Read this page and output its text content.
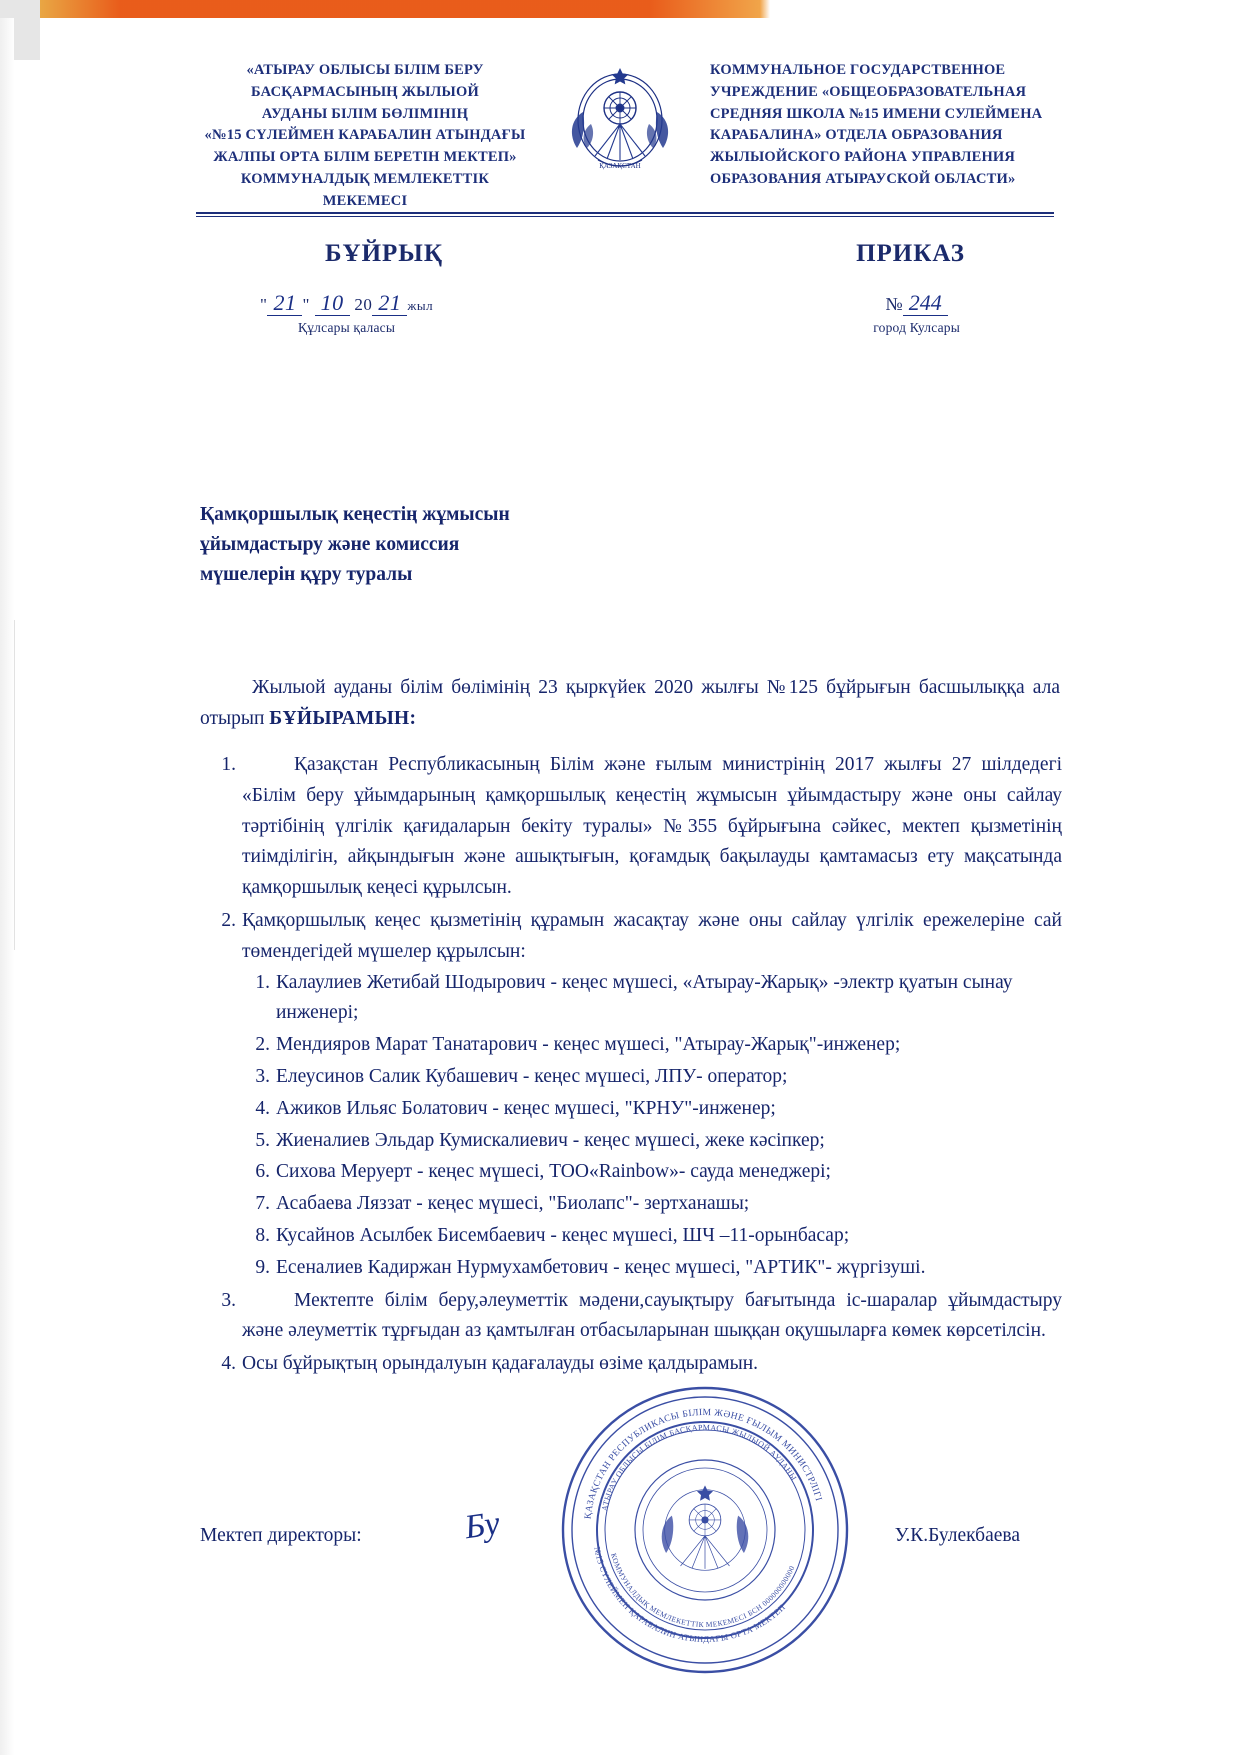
«АТЫРАУ ОБЛЫСЫ БІЛІМ БЕРУ
БАСҚАРМАСЫНЫҢ ЖЫЛЫОЙ
АУДАНЫ БІЛІМ БӨЛІМІНІҢ
«№15 СҮЛЕЙМЕН КАРАБАЛИН АТЫНДАҒЫ
ЖАЛПЫ ОРТА БІЛІМ БЕРЕТІН МЕКТЕП»
КОММУНАЛДЫҚ МЕМЛЕКЕТТІК МЕКЕМЕСІ
ҚАЗАҚСТАН
КОММУНАЛЬНОЕ ГОСУДАРСТВЕННОЕ
УЧРЕЖДЕНИЕ «ОБЩЕОБРАЗОВАТЕЛЬНАЯ
СРЕДНЯЯ ШКОЛА №15 ИМЕНИ СУЛЕЙМЕНА
КАРАБАЛИНА» ОТДЕЛА ОБРАЗОВАНИЯ
ЖЫЛЫОЙСКОГО РАЙОНА УПРАВЛЕНИЯ
ОБРАЗОВАНИЯ АТЫРАУСКОЙ ОБЛАСТИ»
БҰЙРЫҚ	ПРИКАЗ
" 21 " 10 20 21 жыл
Құлсары қаласы
№ 244
город Кулсары
Қамқоршылық кеңестің жұмысын
ұйымдастыру және комиссия
мүшелерін құру туралы
Жылыой ауданы білім бөлімінің 23 қыркүйек 2020 жылғы №125 бұйрығын басшылыққа ала отырып БҰЙЫРАМЫН:
Қазақстан Республикасының Білім және ғылым министрінің 2017 жылғы 27 шілдедегі «Білім беру ұйымдарының қамқоршылық кеңестің жұмысын ұйымдастыру және оны сайлау тәртібінің үлгілік қағидаларын бекіту туралы» №355 бұйрығына сәйкес, мектеп қызметінің тиімділігін, айқындығын және ашықтығын, қоғамдық бақылауды қамтамасыз ету мақсатында қамқоршылық кеңесі құрылсын.
Қамқоршылық кеңес қызметінің құрамын жасақтау және оны сайлау үлгілік ережелеріне сай төмендегідей мүшелер құрылсын:
Калаулиев Жетибай Шодырович - кеңес мүшесі, «Атырау-Жарық» -электр қуатын сынау инженері;
Мендияров Марат Танатарович - кеңес мүшесі, "Атырау-Жарық"-инженер;
Елеусинов Салик Кубашевич - кеңес мүшесі, ЛПУ- оператор;
Ажиков Ильяс Болатович - кеңес мүшесі, "КРНУ"-инженер;
Жиеналиев Эльдар Кумискалиевич - кеңес мүшесі, жеке кәсіпкер;
Сихова Меруерт - кеңес мүшесі, ТОО«Rainbow»- сауда менеджері;
Асабаева Ляззат - кеңес мүшесі, "Биолапс"- зертханашы;
Кусайнов Асылбек Бисембаевич - кеңес мүшесі, ШЧ –11-орынбасар;
Есеналиев Кадиржан Нурмухамбетович - кеңес мүшесі, "АРТИК"- жүргізуші.
Мектепте білім беру,әлеуметтік мәдени,сауықтыру бағытында іс-шаралар ұйымдастыру және әлеуметтік тұрғыдан аз қамтылған отбасыларынан шыққан оқушыларға көмек көрсетілсін.
Осы бұйрықтың орындалуын қадағалауды өзіме қалдырамын.
ҚАЗАҚСТАН РЕСПУБЛИКАСЫ БІЛІМ ЖӘНЕ ҒЫЛЫМ МИНИСТРЛІГІ
АТЫРАУ ОБЛЫСЫ БІЛІМ БАСҚАРМАСЫ ЖЫЛЫОЙ АУДАНЫ
№15 СҮЛЕЙМЕН ҚАРАБАЛИН АТЫНДАҒЫ ОРТА МЕКТЕП
КОММУНАЛДЫҚ МЕМЛЕКЕТТІК МЕКЕМЕСІ БСН 000000000000
Мектеп директоры:	Бу	У.К.Булекбаева
